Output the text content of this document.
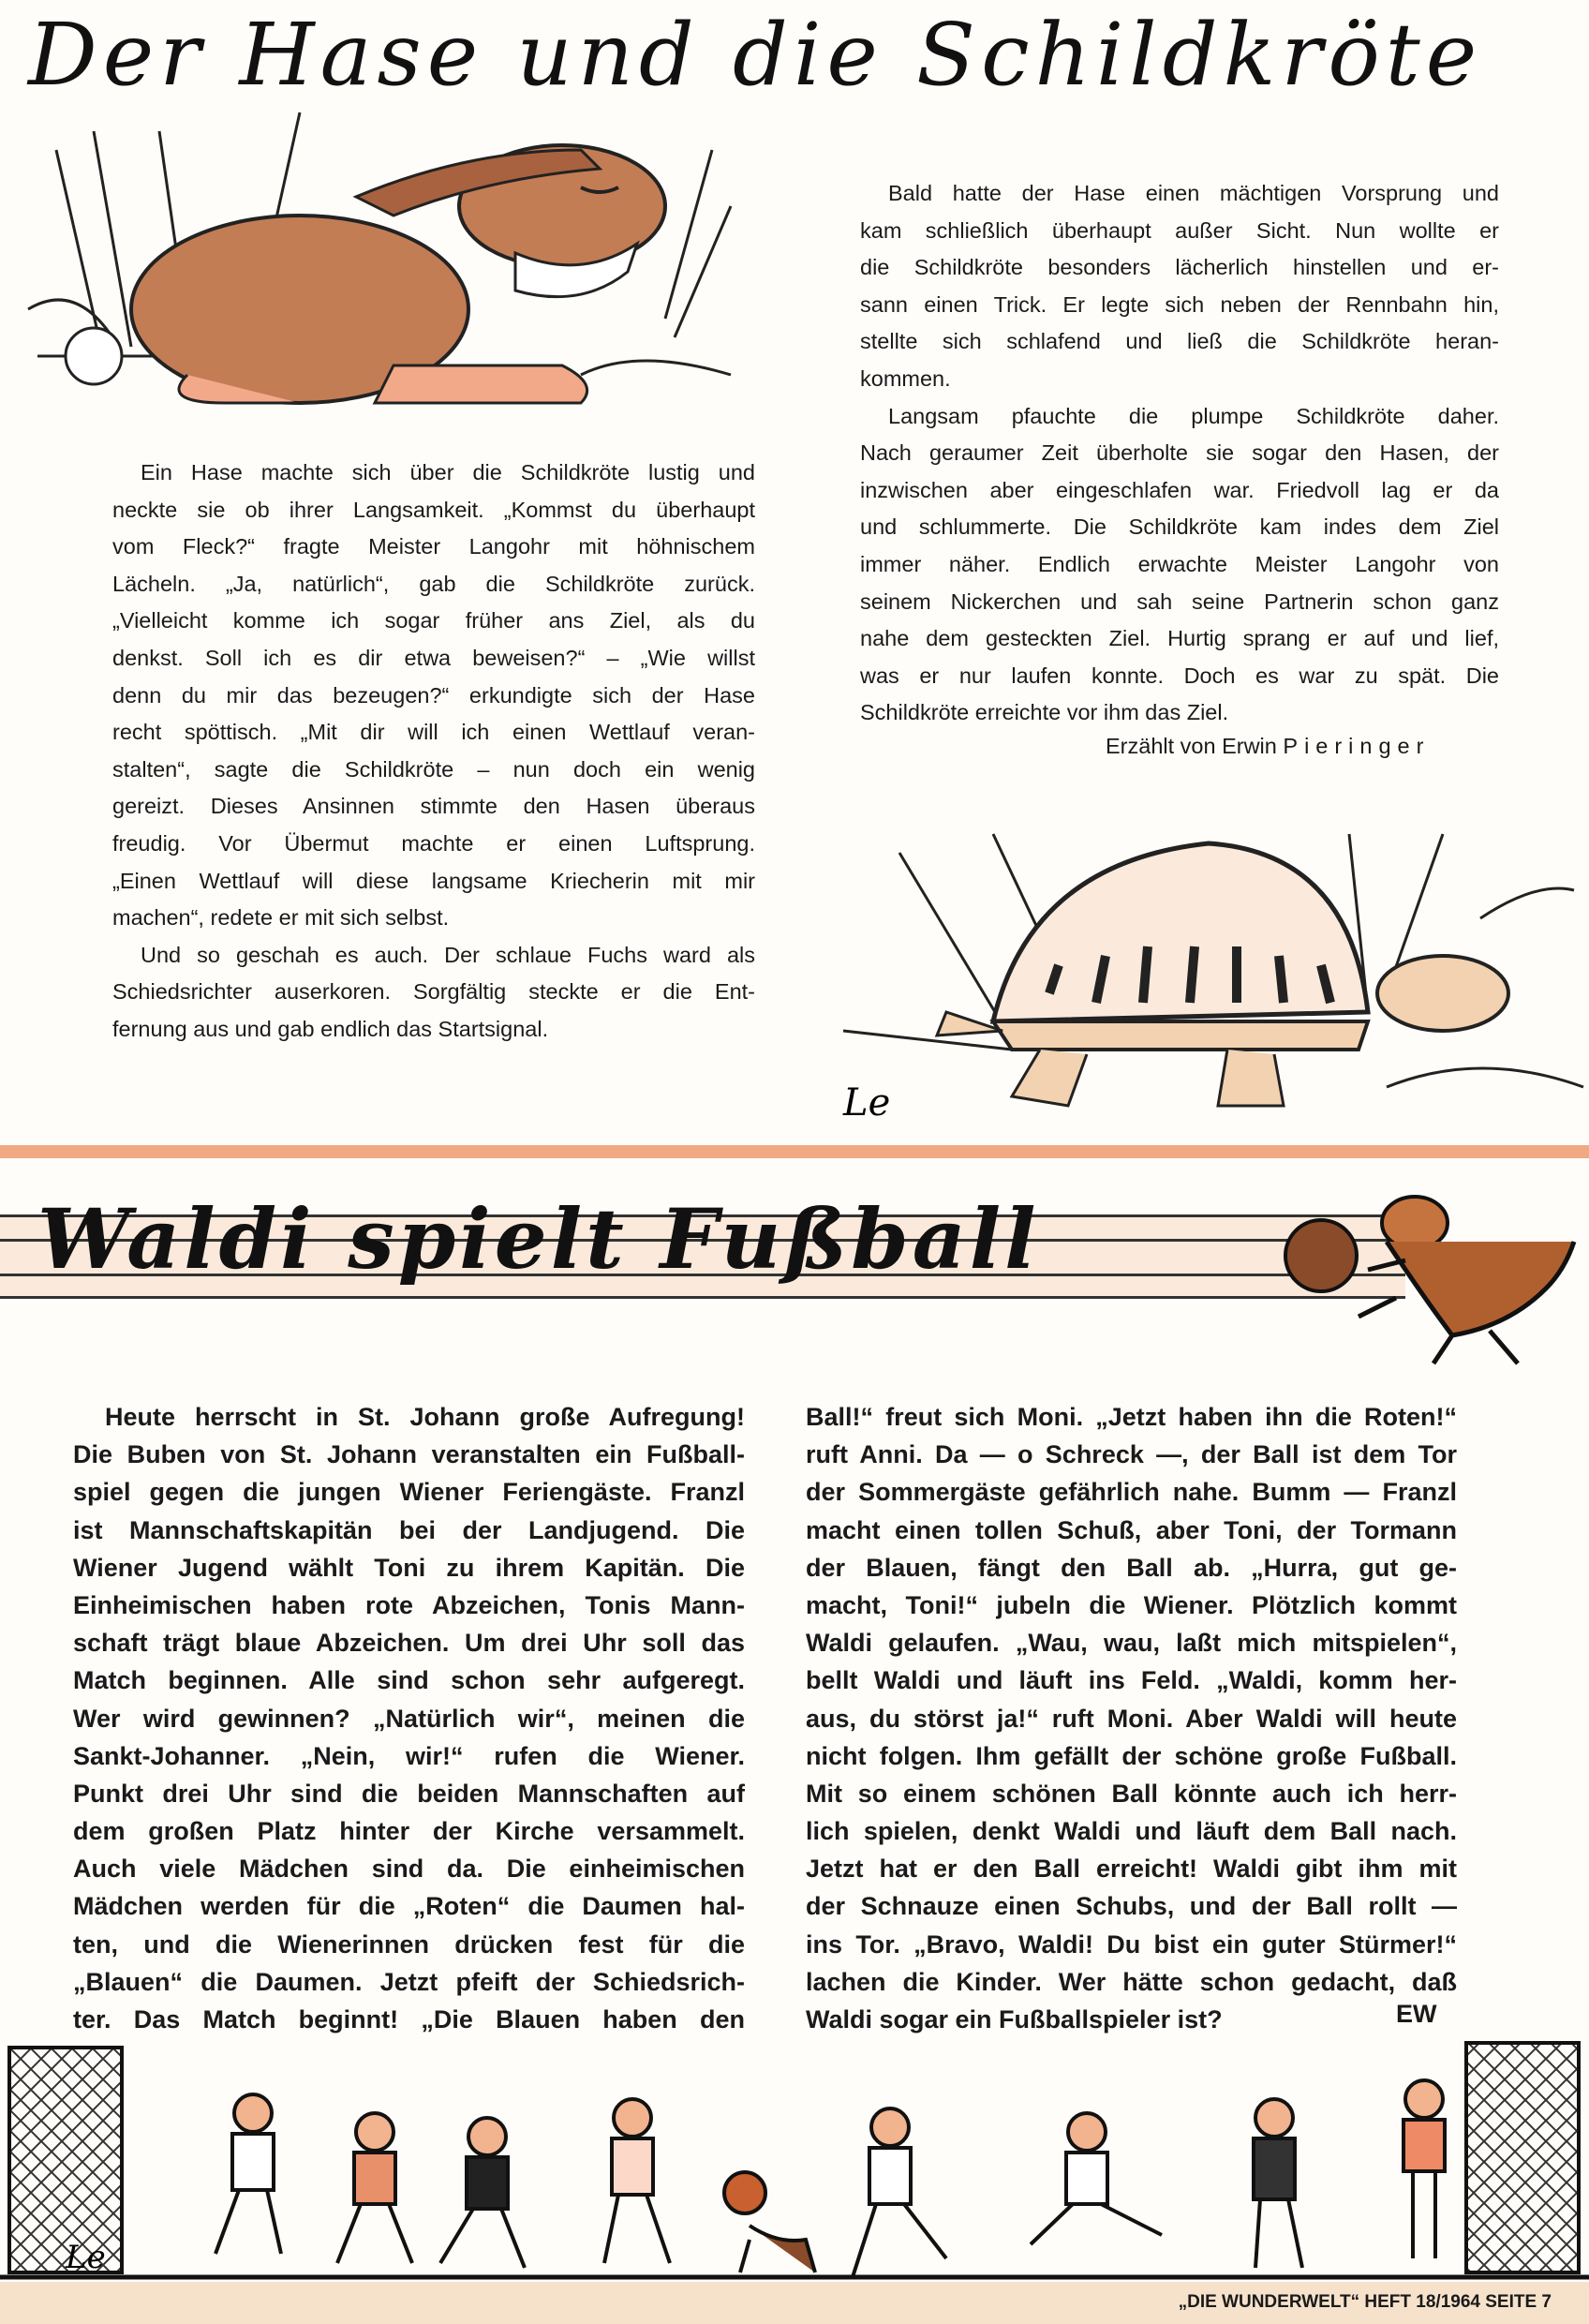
Der Hase und die Schildkröte
Ein Hase machte sich über die Schildkröte lustig und
neckte sie ob ihrer Langsamkeit. „Kommst du überhaupt
vom Fleck?“ fragte Meister Langohr mit höhnischem
Lächeln. „Ja, natürlich“, gab die Schildkröte zurück.
„Vielleicht komme ich sogar früher ans Ziel, als du
denkst. Soll ich es dir etwa beweisen?“ – „Wie willst
denn du mir das bezeugen?“ erkundigte sich der Hase
recht spöttisch. „Mit dir will ich einen Wettlauf veran-
stalten“, sagte die Schildkröte – nun doch ein wenig
gereizt. Dieses Ansinnen stimmte den Hasen überaus
freudig. Vor Übermut machte er einen Luftsprung.
„Einen Wettlauf will diese langsame Kriecherin mit mir
machen“, redete er mit sich selbst.
Und so geschah es auch. Der schlaue Fuchs ward als
Schiedsrichter auserkoren. Sorgfältig steckte er die Ent-
fernung aus und gab endlich das Startsignal.
Bald hatte der Hase einen mächtigen Vorsprung und
kam schließlich überhaupt außer Sicht. Nun wollte er
die Schildkröte besonders lächerlich hinstellen und er-
sann einen Trick. Er legte sich neben der Rennbahn hin,
stellte sich schlafend und ließ die Schildkröte heran-
kommen.
Langsam pfauchte die plumpe Schildkröte daher.
Nach geraumer Zeit überholte sie sogar den Hasen, der
inzwischen aber eingeschlafen war. Friedvoll lag er da
und schlummerte. Die Schildkröte kam indes dem Ziel
immer näher. Endlich erwachte Meister Langohr von
seinem Nickerchen und sah seine Partnerin schon ganz
nahe dem gesteckten Ziel. Hurtig sprang er auf und lief,
was er nur laufen konnte. Doch es war zu spät. Die
Schildkröte erreichte vor ihm das Ziel.
Erzählt von Erwin Pieringer
Le
Waldi spielt Fußball
Heute herrscht in St. Johann große Aufregung!
Die Buben von St. Johann veranstalten ein Fußball-
spiel gegen die jungen Wiener Feriengäste. Franzl
ist Mannschaftskapitän bei der Landjugend. Die
Wiener Jugend wählt Toni zu ihrem Kapitän. Die
Einheimischen haben rote Abzeichen, Tonis Mann-
schaft trägt blaue Abzeichen. Um drei Uhr soll das
Match beginnen. Alle sind schon sehr aufgeregt.
Wer wird gewinnen? „Natürlich wir“, meinen die
Sankt-Johanner. „Nein, wir!“ rufen die Wiener.
Punkt drei Uhr sind die beiden Mannschaften auf
dem großen Platz hinter der Kirche versammelt.
Auch viele Mädchen sind da. Die einheimischen
Mädchen werden für die „Roten“ die Daumen hal-
ten, und die Wienerinnen drücken fest für die
„Blauen“ die Daumen. Jetzt pfeift der Schiedsrich-
ter. Das Match beginnt! „Die Blauen haben den
Ball!“ freut sich Moni. „Jetzt haben ihn die Roten!“
ruft Anni. Da — o Schreck —, der Ball ist dem Tor
der Sommergäste gefährlich nahe. Bumm — Franzl
macht einen tollen Schuß, aber Toni, der Tormann
der Blauen, fängt den Ball ab. „Hurra, gut ge-
macht, Toni!“ jubeln die Wiener. Plötzlich kommt
Waldi gelaufen. „Wau, wau, laßt mich mitspielen“,
bellt Waldi und läuft ins Feld. „Waldi, komm her-
aus, du störst ja!“ ruft Moni. Aber Waldi will heute
nicht folgen. Ihm gefällt der schöne große Fußball.
Mit so einem schönen Ball könnte auch ich herr-
lich spielen, denkt Waldi und läuft dem Ball nach.
Jetzt hat er den Ball erreicht! Waldi gibt ihm mit
der Schnauze einen Schubs, und der Ball rollt —
ins Tor. „Bravo, Waldi! Du bist ein guter Stürmer!“
lachen die Kinder. Wer hätte schon gedacht, daß
Waldi sogar ein Fußballspieler ist?	EW
Le
„DIE WUNDERWELT“ HEFT 18/1964 SEITE 7
